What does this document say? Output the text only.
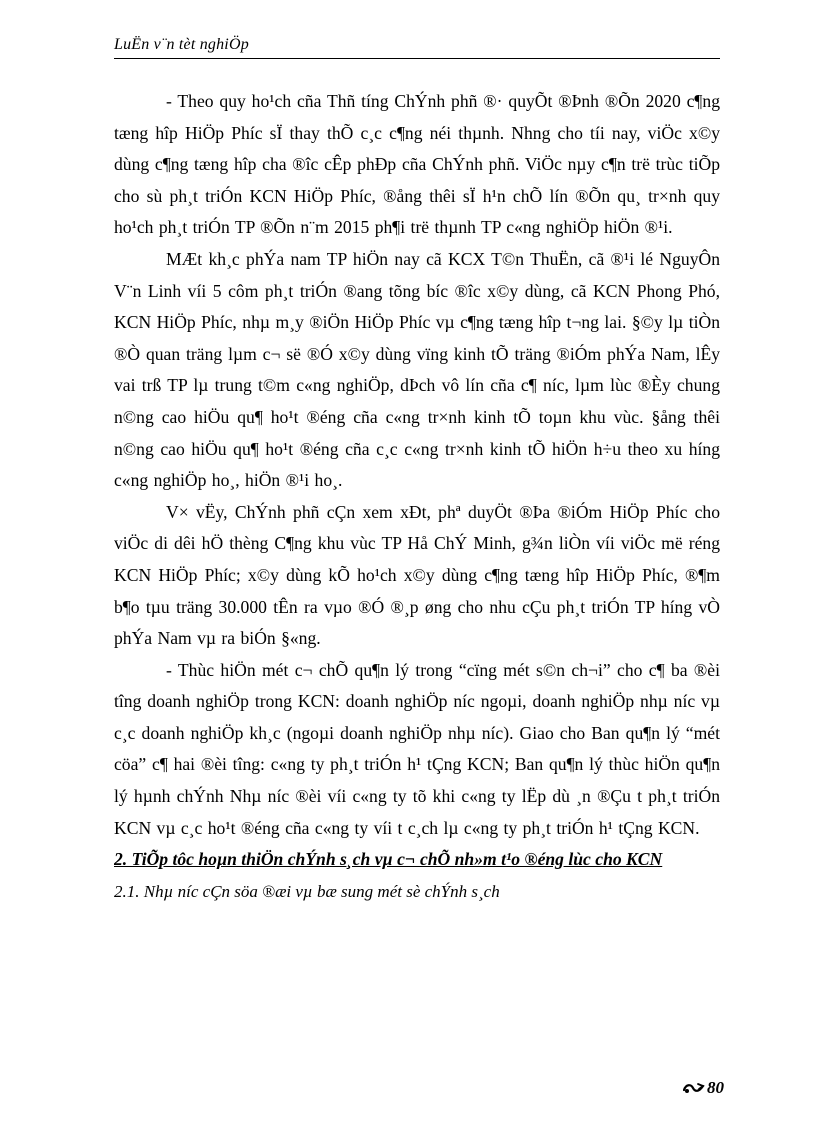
LuËn v¨n tèt nghiÖp

- Theo quy ho¹ch cña Thñ tíng ChÝnh phñ ®· quyÕt ®Þnh ®Õn 2020 c¶ng tæng hîp HiÖp Phíc sÏ thay thÕ c¸c c¶ng néi thµnh. Nhng cho tíi nay, viÖc x©y dùng c¶ng tæng hîp cha ®îc cÊp phÐp cña ChÝnh phñ. ViÖc nµy c¶n trë trùc tiÕp cho sù ph¸t triÓn KCN HiÖp Phíc, ®ång thêi sÏ h¹n chÕ lín ®Õn qu¸ tr×nh quy ho¹ch ph¸t triÓn TP ®Õn n¨m 2015 ph¶i trë thµnh TP c«ng nghiÖp hiÖn ®¹i.

MÆt kh¸c phÝa nam TP hiÖn nay cã KCX T©n ThuËn, cã ®¹i lé NguyÔn V¨n Linh víi 5 côm ph¸t triÓn ®ang tõng bíc ®îc x©y dùng, cã KCN Phong Phó, KCN HiÖp Phíc, nhµ m¸y ®iÖn HiÖp Phíc vµ c¶ng tæng hîp t¬ng lai. §©y lµ tiÒn ®Ò quan träng lµm c¬ së ®Ó x©y dùng vïng kinh tÕ träng ®iÓm phÝa Nam, lÊy vai trß TP lµ trung t©m c«ng nghiÖp, dÞch vô lín cña c¶ níc, lµm lùc ®Èy chung n©ng cao hiÖu qu¶ ho¹t ®éng cña c«ng tr×nh kinh tÕ toµn khu vùc. §ång thêi n©ng cao hiÖu qu¶ ho¹t ®éng cña c¸c c«ng tr×nh kinh tÕ hiÖn h÷u theo xu híng c«ng nghiÖp ho¸, hiÖn ®¹i ho¸.

V× vËy, ChÝnh phñ cÇn xem xÐt, phª duyÖt ®Þa ®iÓm HiÖp Phíc cho viÖc di dêi hÖ thèng C¶ng khu vùc TP Hå ChÝ Minh, g¾n liÒn víi viÖc më réng KCN HiÖp Phíc; x©y dùng kÕ ho¹ch x©y dùng c¶ng tæng hîp HiÖp Phíc, ®¶m b¶o tµu träng 30.000 tÊn ra vµo ®Ó ®¸p øng cho nhu cÇu ph¸t triÓn TP híng vÒ phÝa Nam vµ ra biÓn §«ng.

- Thùc hiÖn mét c¬ chÕ qu¶n lý trong “cïng mét s©n ch¬i” cho c¶ ba ®èi tîng doanh nghiÖp trong KCN: doanh nghiÖp níc ngoµi, doanh nghiÖp nhµ níc vµ c¸c doanh nghiÖp kh¸c (ngoµi doanh nghiÖp nhµ níc). Giao cho Ban qu¶n lý “mét cöa” c¶ hai ®èi tîng: c«ng ty ph¸t triÓn h¹ tÇng KCN; Ban qu¶n lý thùc hiÖn qu¶n lý hµnh chÝnh Nhµ níc ®èi víi c«ng ty tõ khi c«ng ty lËp dù ¸n ®Çu t ph¸t triÓn KCN vµ c¸c ho¹t ®éng cña c«ng ty víi t c¸ch lµ c«ng ty ph¸t triÓn h¹ tÇng KCN.

2. TiÕp tôc hoµn thiÖn chÝnh s¸ch vµ c¬ chÕ nh»m t¹o ®éng lùc cho KCN

2.1. Nhµ níc cÇn söa ®æi vµ bæ sung mét sè chÝnh s¸ch

80
